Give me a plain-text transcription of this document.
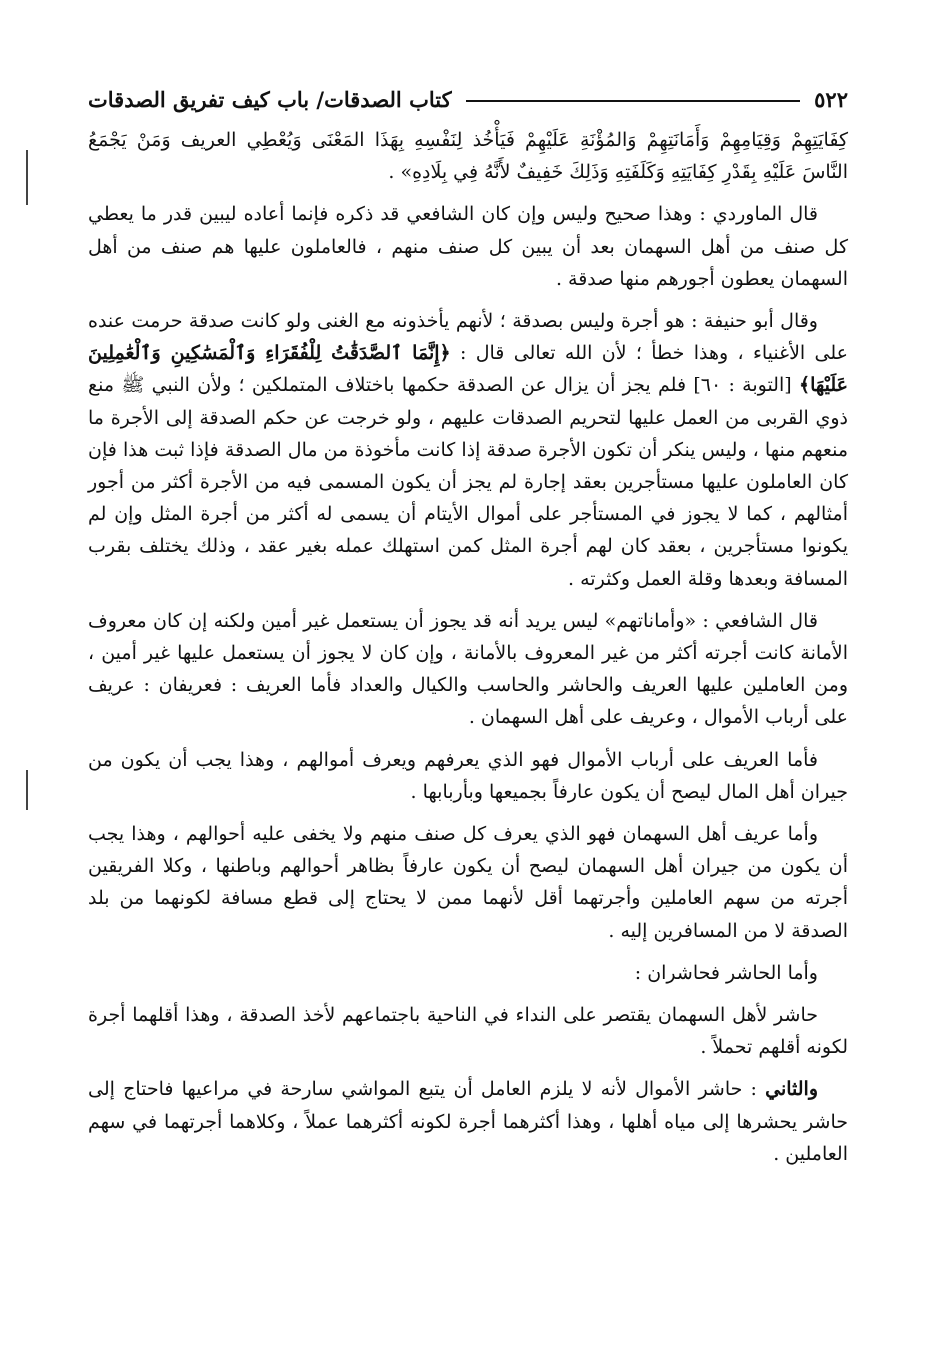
٥٢٢
كتاب الصدقات/ باب كيف تفريق الصدقات

كِفَايَتِهِمْ وَقِيَامِهِمْ وَأَمَانَتِهِمْ وَالمُؤْنَةِ عَلَيْهِمْ فَيَأْخُذ لِنَفْسِهِ بِهَذَا المَعْنَى وَيُعْطِي العريف وَمَنْ يَجْمَعُ النَّاسَ عَلَيْهِ بِقَدْرِ كِفَايَتِهِ وَكَلَفَتِهِ وَذَلِكَ خَفِيفٌ لأَنَّهُ فِي بِلَادِهِ» .

قال الماوردي : وهذا صحيح وليس وإن كان الشافعي قد ذكره فإنما أعاده ليبين قدر ما يعطي كل صنف من أهل السهمان بعد أن يبين كل صنف منهم ، فالعاملون عليها هم صنف من أهل السهمان يعطون أجورهم منها صدقة .

وقال أبو حنيفة : هو أجرة وليس بصدقة ؛ لأنهم يأخذونه مع الغنى ولو كانت صدقة حرمت عنده على الأغنياء ، وهذا خطأ ؛ لأن الله تعالى قال : ﴿إِنَّمَا ٱلصَّدَقَٰتُ لِلْفُقَرَاءِ وَٱلْمَسَٰكِينِ وَٱلْعَٰمِلِينَ عَلَيْهَا﴾ [التوبة : ٦٠] فلم يجز أن يزال عن الصدقة حكمها باختلاف المتملكين ؛ ولأن النبي ﷺ منع ذوي القربى من العمل عليها لتحريم الصدقات عليهم ، ولو خرجت عن حكم الصدقة إلى الأجرة ما منعهم منها ، وليس ينكر أن تكون الأجرة صدقة إذا كانت مأخوذة من مال الصدقة فإذا ثبت هذا فإن كان العاملون عليها مستأجرين بعقد إجارة لم يجز أن يكون المسمى فيه من الأجرة أكثر من أجور أمثالهم ، كما لا يجوز في المستأجر على أموال الأيتام أن يسمى له أكثر من أجرة المثل وإن لم يكونوا مستأجرين ، بعقد كان لهم أجرة المثل كمن استهلك عمله بغير عقد ، وذلك يختلف بقرب المسافة وبعدها وقلة العمل وكثرته .

قال الشافعي : «وأماناتهم» ليس يريد أنه قد يجوز أن يستعمل غير أمين ولكنه إن كان معروف الأمانة كانت أجرته أكثر من غير المعروف بالأمانة ، وإن كان لا يجوز أن يستعمل عليها غير أمين ، ومن العاملين عليها العريف والحاشر والحاسب والكيال والعداد فأما العريف : فعريفان : عريف على أرباب الأموال ، وعريف على أهل السهمان .

فأما العريف على أرباب الأموال فهو الذي يعرفهم ويعرف أموالهم ، وهذا يجب أن يكون من جيران أهل المال ليصح أن يكون عارفاً بجميعها وبأربابها .

وأما عريف أهل السهمان فهو الذي يعرف كل صنف منهم ولا يخفى عليه أحوالهم ، وهذا يجب أن يكون من جيران أهل السهمان ليصح أن يكون عارفاً بظاهر أحوالهم وباطنها ، وكلا الفريقين أجرته من سهم العاملين وأجرتهما أقل لأنهما ممن لا يحتاج إلى قطع مسافة لكونهما من بلد الصدقة لا من المسافرين إليه .

وأما الحاشر فحاشران :

حاشر لأهل السهمان يقتصر على النداء في الناحية باجتماعهم لأخذ الصدقة ، وهذا أقلهما أجرة لكونه أقلهم تحملاً .

والثاني : حاشر الأموال لأنه لا يلزم العامل أن يتبع المواشي سارحة في مراعيها فاحتاج إلى حاشر يحشرها إلى مياه أهلها ، وهذا أكثرهما أجرة لكونه أكثرهما عملاً ، وكلاهما أجرتهما في سهم العاملين .
